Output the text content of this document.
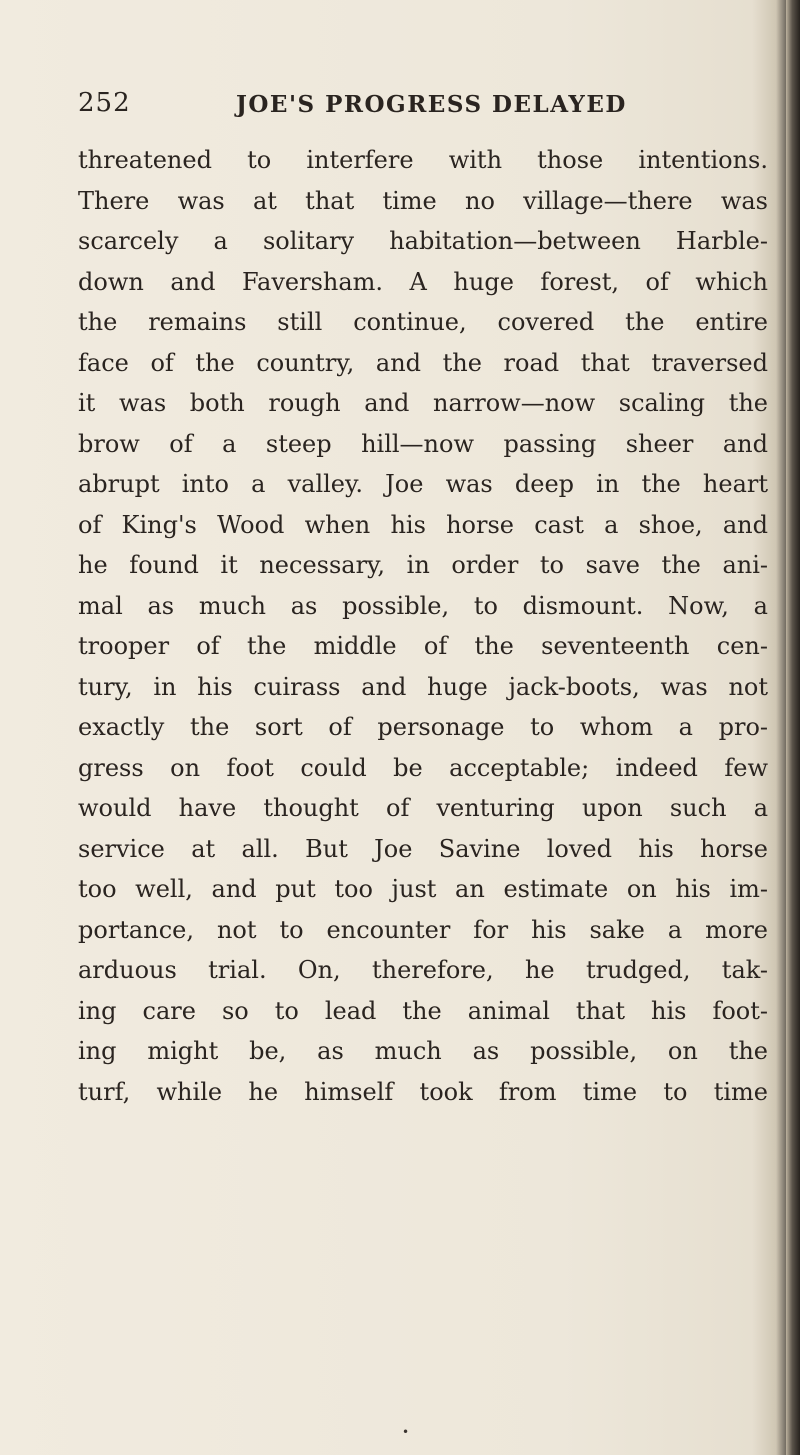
252	JOE'S PROGRESS DELAYED
threatened to interfere with those intentions.
There was at that time no village—there was
scarcely a solitary habitation—between Harble-
down and Faversham. A huge forest, of which
the remains still continue, covered the entire
face of the country, and the road that traversed
it was both rough and narrow—now scaling the
brow of a steep hill—now passing sheer and
abrupt into a valley. Joe was deep in the heart
of King's Wood when his horse cast a shoe, and
he found it necessary, in order to save the ani-
mal as much as possible, to dismount. Now, a
trooper of the middle of the seventeenth cen-
tury, in his cuirass and huge jack-boots, was not
exactly the sort of personage to whom a pro-
gress on foot could be acceptable; indeed few
would have thought of venturing upon such a
service at all. But Joe Savine loved his horse
too well, and put too just an estimate on his im-
portance, not to encounter for his sake a more
arduous trial. On, therefore, he trudged, tak-
ing care so to lead the animal that his foot-
ing might be, as much as possible, on the
turf, while he himself took from time to time
•
